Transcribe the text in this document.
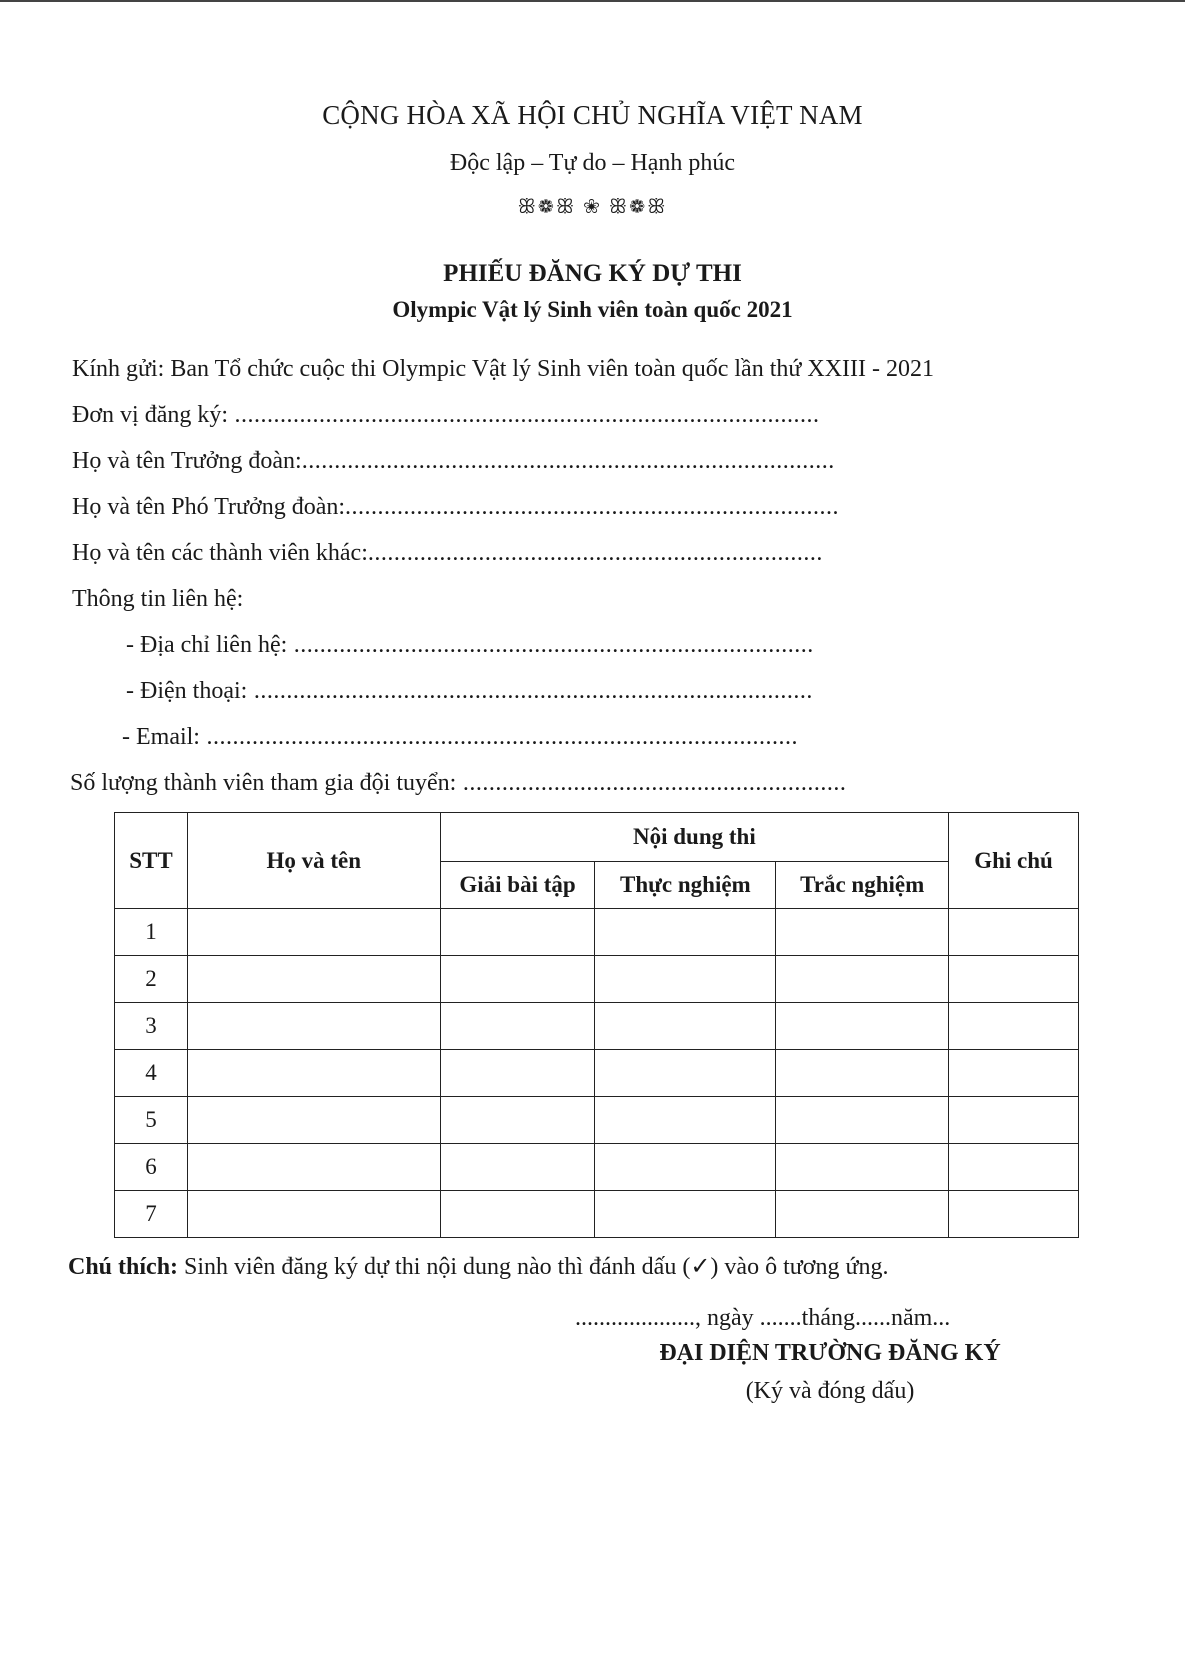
CỘNG HÒA XÃ HỘI CHỦ NGHĨA VIỆT NAM
Độc lập – Tự do – Hạnh phúc
ꕥ❁ꕥ ❀ ꕥ❁ꕥ
PHIẾU ĐĂNG KÝ DỰ THI
Olympic Vật lý Sinh viên toàn quốc 2021
Kính gửi: Ban Tổ chức cuộc thi Olympic Vật lý Sinh viên toàn quốc lần thứ XXIII - 2021
Đơn vị đăng ký: ..........................................................................................
Họ và tên Trưởng đoàn:..................................................................................
Họ và tên Phó Trưởng đoàn:............................................................................
Họ và tên các thành viên khác:......................................................................
Thông tin liên hệ:
- Địa chỉ liên hệ: ................................................................................
- Điện thoại: ......................................................................................
- Email: ...........................................................................................
Số lượng thành viên tham gia đội tuyển: ...........................................................
STT	Họ và tên	Nội dung thi			Ghi chú
		Giải bài tập	Thực nghiệm	Trắc nghiệm	
1					
2					
3					
4					
5					
6					
7					
Chú thích: Sinh viên đăng ký dự thi nội dung nào thì đánh dấu (✓) vào ô tương ứng.
...................., ngày .......tháng......năm...
ĐẠI DIỆN TRƯỜNG ĐĂNG KÝ
(Ký và đóng dấu)
